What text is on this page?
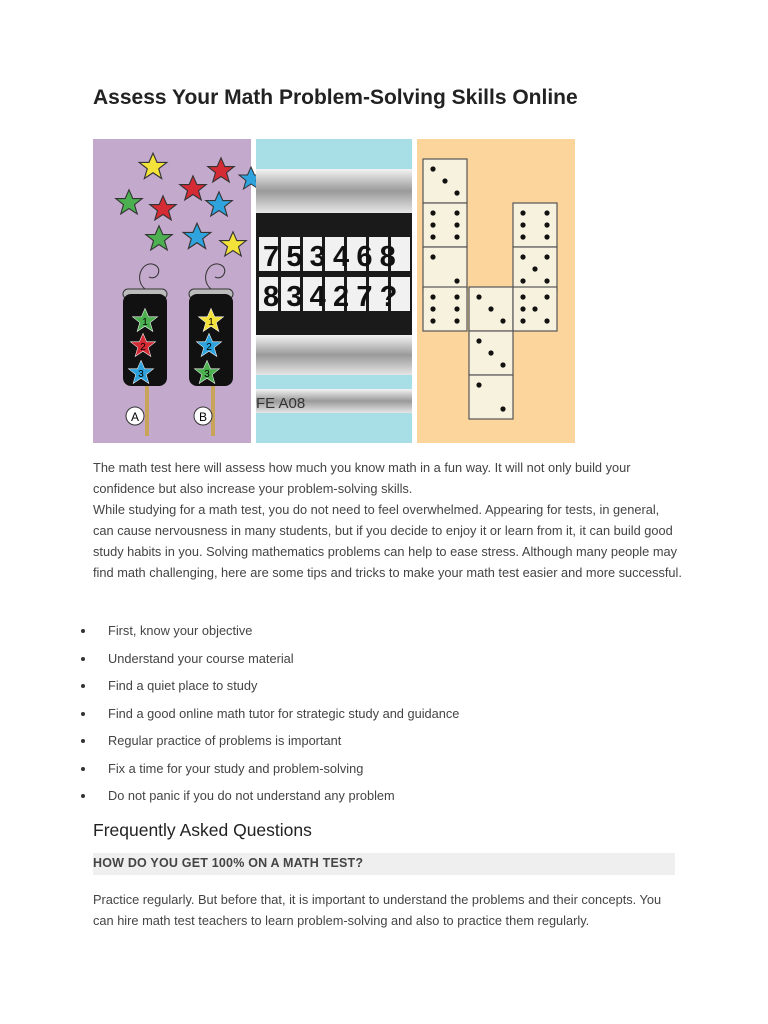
Assess Your Math Problem-Solving Skills Online
1
2
3
A
1
2
3
B
753468
83427?
FE A08

The math test here will assess how much you know math in a fun way. It will not only build your confidence but also increase your problem-solving skills.

While studying for a math test, you do not need to feel overwhelmed. Appearing for tests, in general, can cause nervousness in many students, but if you decide to enjoy it or learn from it, it can build good study habits in you. Solving mathematics problems can help to ease stress. Although many people may find math challenging, here are some tips and tricks to make your math test easier and more successful.

First, know your objective
Understand your course material
Find a quiet place to study
Find a good online math tutor for strategic study and guidance
Regular practice of problems is important
Fix a time for your study and problem-solving
Do not panic if you do not understand any problem
Frequently Asked Questions
HOW DO YOU GET 100% ON A MATH TEST?

Practice regularly. But before that, it is important to understand the problems and their concepts. You can hire math test teachers to learn problem-solving and also to practice them regularly.
